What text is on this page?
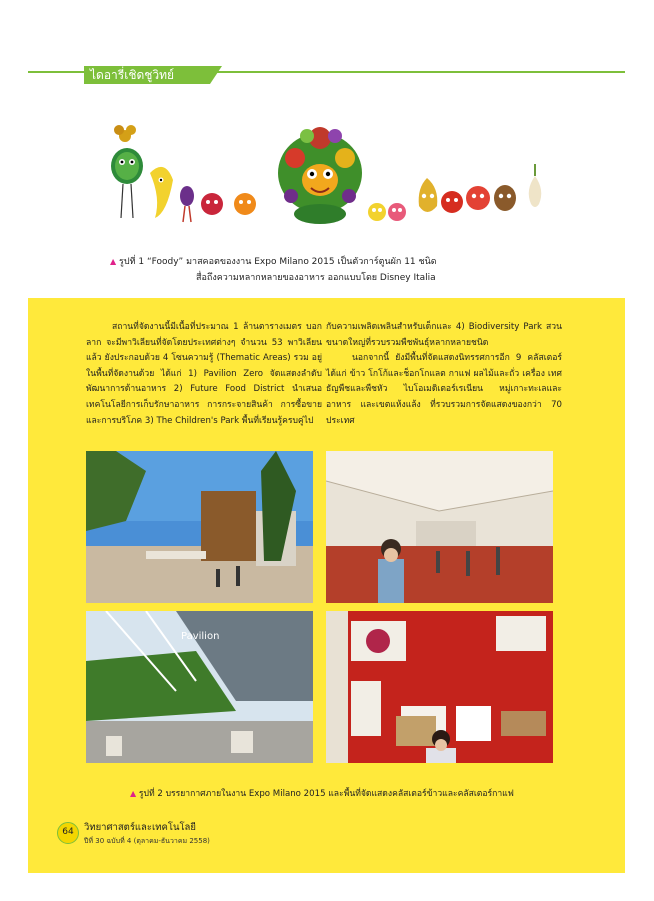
ไดอารี่เชิดชูวิทย์
▲ รูปที่ 1 “Foody” มาสคอตของงาน Expo Milano 2015 เป็นตัวการ์ตูนผัก 11 ชนิด
สื่อถึงความหลากหลายของอาหาร ออกแบบโดย Disney Italia

สถานที่จัดงานนี้มีเนื้อที่ประมาณ 1 ล้านตารางเมตร บอกลาก จะมีพาวิเลียนที่จัดโดยประเทศต่างๆ จำนวน 53 พาวิเลียน แล้ว ยังประกอบด้วย 4 โซนความรู้ (Thematic Areas) รวม อยู่ในพื้นที่จัดงานด้วย ได้แก่ 1) Pavilion Zero จัดแสดงลำดับ พัฒนาการด้านอาหาร 2) Future Food District นำเสนอ เทคโนโลยีการเก็บรักษาอาหาร การกระจายสินค้า การซื้อขาย และการบริโภค 3) The Children's Park พื้นที่เรียนรู้ครบคู่ไป

กับความเพลิดเพลินสำหรับเด็กและ 4) Biodiversity Park สวน ขนาดใหญ่ที่รวบรวมพืชพันธุ์หลากหลายชนิด

นอกจากนี้ ยังมีพื้นที่จัดแสดงนิทรรศการอีก 9 คลัสเตอร์ ได้แก่ ข้าว โกโก้และช็อกโกแลต กาแฟ ผลไม้และถั่ว เครื่อง เทศ ธัญพืชและพืชหัว ไบโอเมดิเตอร์เรเนียน หมู่เกาะทะเลและ อาหาร และเขตแห้งแล้ง ที่รวบรวมการจัดแสดงของกว่า 70 ประเทศ

Pavilion
▲ รูปที่ 2 บรรยากาศภายในงาน Expo Milano 2015 และพื้นที่จัดแสดงคลัสเตอร์ข้าวและคลัสเตอร์กาแฟ
64	วิทยาศาสตร์และเทคโนโลยี
ปีที่ 30 ฉบับที่ 4 (ตุลาคม-ธันวาคม 2558)
